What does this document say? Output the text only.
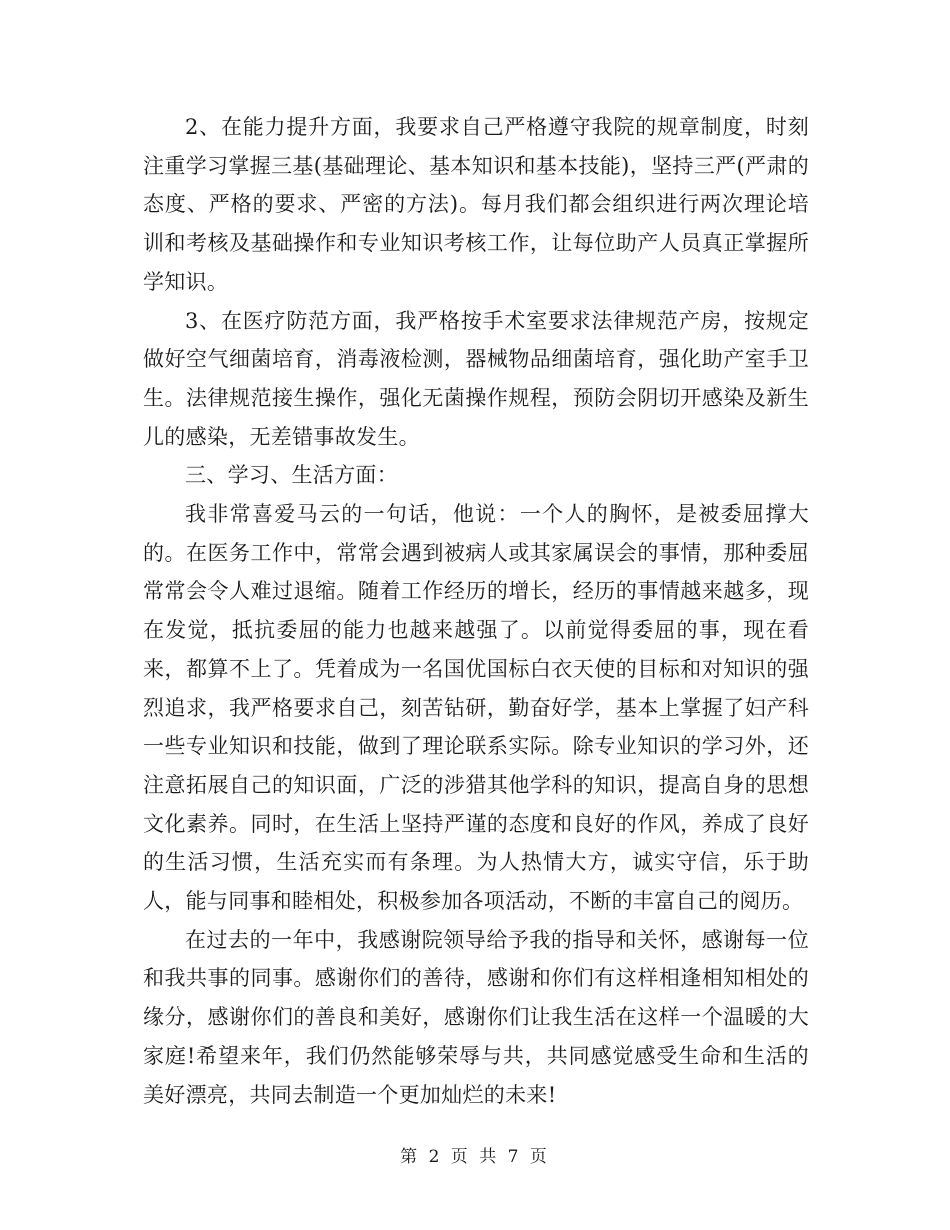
2、在能力提升方面，我要求自己严格遵守我院的规章制度，时刻注重学习掌握三基(基础理论、基本知识和基本技能)，坚持三严(严肃的态度、严格的要求、严密的方法)。每月我们都会组织进行两次理论培训和考核及基础操作和专业知识考核工作，让每位助产人员真正掌握所学知识。

3、在医疗防范方面，我严格按手术室要求法律规范产房，按规定做好空气细菌培育，消毒液检测，器械物品细菌培育，强化助产室手卫生。法律规范接生操作，强化无菌操作规程，预防会阴切开感染及新生儿的感染，无差错事故发生。

三、学习、生活方面：

我非常喜爱马云的一句话，他说：一个人的胸怀，是被委屈撑大的。在医务工作中，常常会遇到被病人或其家属误会的事情，那种委屈常常会令人难过退缩。随着工作经历的增长，经历的事情越来越多，现在发觉，抵抗委屈的能力也越来越强了。以前觉得委屈的事，现在看来，都算不上了。凭着成为一名国优国标白衣天使的目标和对知识的强烈追求，我严格要求自己，刻苦钻研，勤奋好学，基本上掌握了妇产科一些专业知识和技能，做到了理论联系实际。除专业知识的学习外，还注意拓展自己的知识面，广泛的涉猎其他学科的知识，提高自身的思想文化素养。同时，在生活上坚持严谨的态度和良好的作风，养成了良好的生活习惯，生活充实而有条理。为人热情大方，诚实守信，乐于助人，能与同事和睦相处，积极参加各项活动，不断的丰富自己的阅历。

在过去的一年中，我感谢院领导给予我的指导和关怀，感谢每一位和我共事的同事。感谢你们的善待，感谢和你们有这样相逢相知相处的缘分，感谢你们的善良和美好，感谢你们让我生活在这样一个温暖的大家庭!希望来年，我们仍然能够荣辱与共，共同感觉感受生命和生活的美好漂亮，共同去制造一个更加灿烂的未来!

第 2 页 共 7 页
